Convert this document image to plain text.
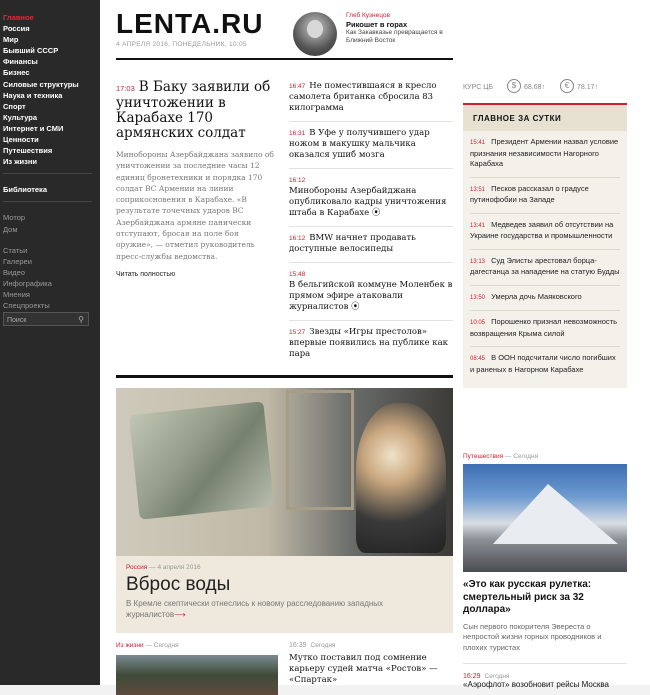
Главное
Россия
Мир
Бывший СССР
Финансы
Бизнес
Силовые структуры
Наука и техника
Спорт
Культура
Интернет и СМИ
Ценности
Путешествия
Из жизни
Библиотека
Мотор
Дом
Статьи
Галереи
Видео
Инфографика
Мнения
Спецпроекты
Поиск	⚲
LENTA.RU
4 АПРЕЛЯ 2016, ПОНЕДЕЛЬНИК, 10:05
Глеб Кузнецов
Рикошет в горах
Как Закавказье превращается в Ближний Восток
17:03 В Баку заявили об уничтожении в Карабахе 170 армянских солдат

Минобороны Азербайджана заявило об уничтожении за последние часы 12 единиц бронетехники и порядка 170 солдат ВС Армении на линии соприкосновения в Карабахе. «В результате точечных ударов ВС Азербайджана армяне панически отступают, бросая на поле боя оружие», — отметил руководитель пресс-службы ведомства.

Читать полностью
16:47 Не поместившаяся в кресло самолета британка сбросила 83 килограмма
16:31 В Уфе у получившего удар ножом в макушку мальчика оказался ушиб мозга
16:12
Минобороны Азербайджана опубликовало кадры уничтожения штаба в Карабахе ⦿
16:12 BMW начнет продавать доступные велосипеды
15:48
В бельгийской коммуне Моленбек в прямом эфире атаковали журналистов ⦿
15:27 Звезды «Игры престолов» впервые появились на публике как пара
Россия — 4 апреля 2016
Вброс воды

В Кремле скептически отнеслись к новому расследованию западных журналистов⟶

Из жизни — Сегодня	16:39 Сегодня
Мутко поставил под сомнение карьеру судей матча «Ростов» — «Спартак»
КУРС ЦБ	$	68.68↑	€	78.17↑
ГЛАВНОЕ ЗА СУТКИ
15:41 Президент Армении назвал условие признания независимости Нагорного Карабаха
13:51 Песков рассказал о градусе путинофобии на Западе
13:41 Медведев заявил об отсутствии на Украине государства и промышленности
13:13 Суд Элисты арестовал борца-дагестанца за нападение на статую Будды
13:50 Умерла дочь Маяковского
10:05 Порошенко признал невозможность возвращения Крыма силой
08:45 В ООН подсчитали число погибших и раненых в Нагорном Карабахе
Путешествия — Сегодня
«Это как русская рулетка: смертельный риск за 32 доллара»

Сын первого покорителя Эвереста о непростой жизни горных проводников и плохих туристах

16:29 Сегодня
«Аэрофлот» возобновит рейсы Москва
